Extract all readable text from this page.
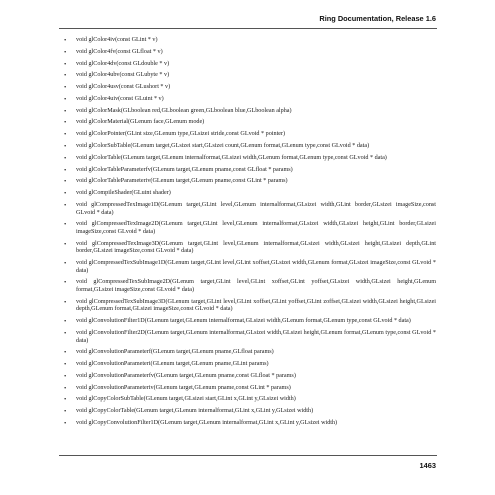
Ring Documentation, Release 1.6
• void glColor4iv(const GLint * v)
• void glColor4fv(const GLfloat * v)
• void glColor4dv(const GLdouble * v)
• void glColor4ubv(const GLubyte * v)
• void glColor4usv(const GLushort * v)
• void glColor4uiv(const GLuint * v)
• void glColorMask(GLboolean red,GLboolean green,GLboolean blue,GLboolean alpha)
• void glColorMaterial(GLenum face,GLenum mode)
• void glColorPointer(GLint size,GLenum type,GLsizei stride,const GLvoid * pointer)
• void glColorSubTable(GLenum target,GLsizei start,GLsizei count,GLenum format,GLenum type,const GLvoid * data)
• void glColorTable(GLenum target,GLenum internalformat,GLsizei width,GLenum format,GLenum type,const GLvoid * data)
• void glColorTableParameterfv(GLenum target,GLenum pname,const GLfloat * params)
• void glColorTableParameteriv(GLenum target,GLenum pname,const GLint * params)
• void glCompileShader(GLuint shader)
• void glCompressedTexImage1D(GLenum target,GLint level,GLenum internalformat,GLsizei width,GLint border,GLsizei imageSize,const GLvoid * data)
• void glCompressedTexImage2D(GLenum target,GLint level,GLenum internalformat,GLsizei width,GLsizei height,GLint border,GLsizei imageSize,const GLvoid * data)
• void glCompressedTexImage3D(GLenum target,GLint level,GLenum internalformat,GLsizei width,GLsizei height,GLsizei depth,GLint border,GLsizei imageSize,const GLvoid * data)
• void glCompressedTexSubImage1D(GLenum target,GLint level,GLint xoffset,GLsizei width,GLenum format,GLsizei imageSize,const GLvoid * data)
• void glCompressedTexSubImage2D(GLenum target,GLint level,GLint xoffset,GLint yoffset,GLsizei width,GLsizei height,GLenum format,GLsizei imageSize,const GLvoid * data)
• void glCompressedTexSubImage3D(GLenum target,GLint level,GLint xoffset,GLint yoffset,GLint zoffset,GLsizei width,GLsizei height,GLsizei depth,GLenum format,GLsizei imageSize,const GLvoid * data)
• void glConvolutionFilter1D(GLenum target,GLenum internalformat,GLsizei width,GLenum format,GLenum type,const GLvoid * data)
• void glConvolutionFilter2D(GLenum target,GLenum internalformat,GLsizei width,GLsizei height,GLenum format,GLenum type,const GLvoid * data)
• void glConvolutionParameterf(GLenum target,GLenum pname,GLfloat params)
• void glConvolutionParameteri(GLenum target,GLenum pname,GLint params)
• void glConvolutionParameterfv(GLenum target,GLenum pname,const GLfloat * params)
• void glConvolutionParameteriv(GLenum target,GLenum pname,const GLint * params)
• void glCopyColorSubTable(GLenum target,GLsizei start,GLint x,GLint y,GLsizei width)
• void glCopyColorTable(GLenum target,GLenum internalformat,GLint x,GLint y,GLsizei width)
• void glCopyConvolutionFilter1D(GLenum target,GLenum internalformat,GLint x,GLint y,GLsizei width)
1463
